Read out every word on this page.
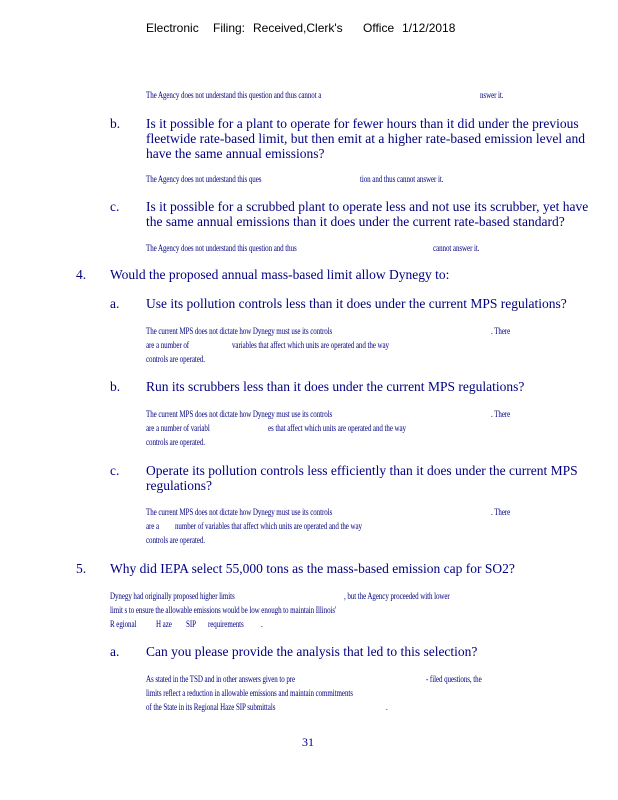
Electronic Filing: Received,Clerk's Office 1/12/2018
The Agency does not understand this question and thus cannot a	nswer it.
b. Is it possible for a plant to operate for fewer hours than it did under the previous
fleetwide rate-based limit, but then emit at a higher rate-based emission level and
have the same annual emissions?
The Agency does not understand this ques	tion and thus cannot answer it.
c. Is it possible for a scrubbed plant to operate less and not use its scrubber, yet have
the same annual emissions than it does under the current rate-based standard?
The Agency does not understand this question and thus	cannot answer it.
4. Would the proposed annual mass-based limit allow Dynegy to:
a. Use its pollution controls less than it does under the current MPS regulations?
The current MPS does not dictate how Dynegy must use its controls	. There
are a number of	variables that affect which units are operated and the way
controls are operated.
b. Run its scrubbers less than it does under the current MPS regulations?
The current MPS does not dictate how Dynegy must use its controls	. There
are a number of variabl	es that affect which units are operated and the way
controls are operated.
c. Operate its pollution controls less efficiently than it does under the current MPS
regulations?
The current MPS does not dictate how Dynegy must use its controls	. There
are a number of variables that affect which units are operated and the way
controls are operated.
5. Why did IEPA select 55,000 tons as the mass-based emission cap for SO2?
Dynegy had originally proposed higher limits	, but the Agency proceeded with lower
limit s to ensure the allowable emissions would be low enough to maintain Illinois'
R egional H aze SIP requirements .
a. Can you please provide the analysis that led to this selection?
As stated in the TSD and in other answers given to pre	- filed questions, the
limits reflect a reduction in allowable emissions and maintain commitments
of the State in its Regional Haze SIP submittals	.
31
